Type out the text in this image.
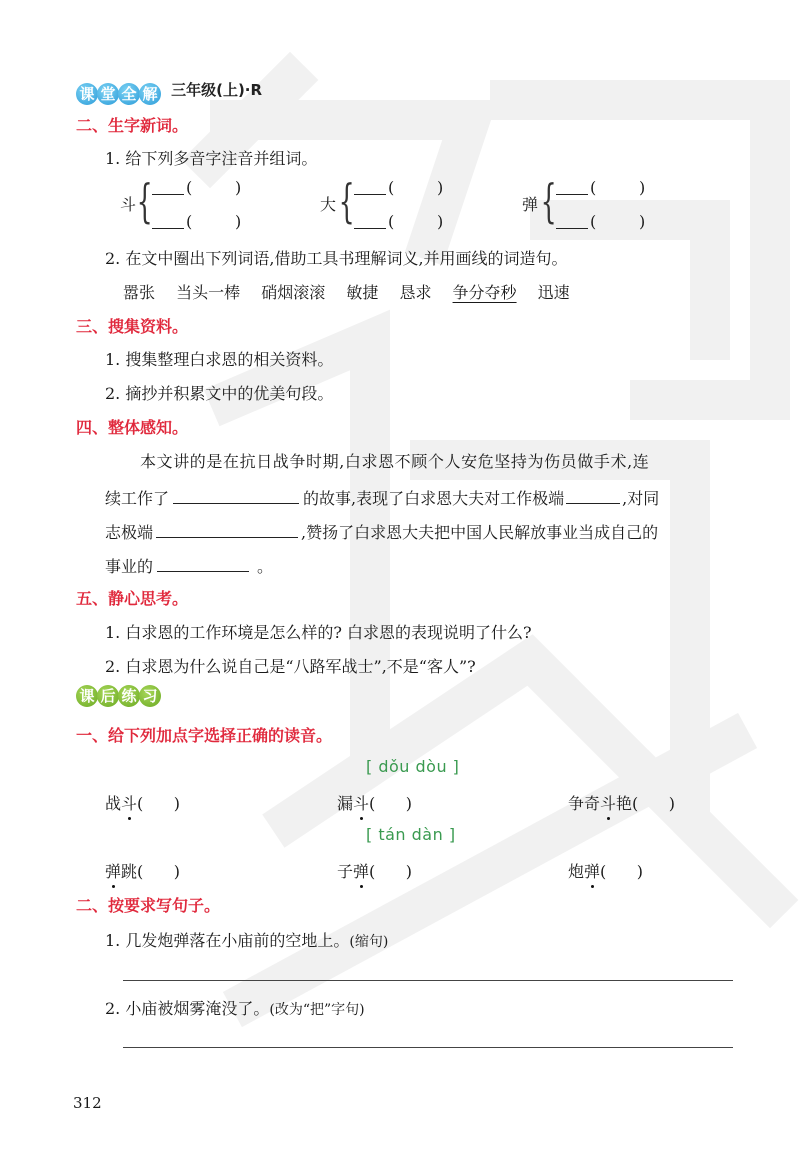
课 堂 全 解 三年级(上)·R
二、生字新词。
1. 给下列多音字注音并组词。
斗 { (	)
(	)
大 { (	)
(	)
弹 { (	)
(	)
2. 在文中圈出下列词语,借助工具书理解词义,并用画线的词造句。
嚣张 当头一棒 硝烟滚滚 敏捷 恳求 争分夺秒 迅速
三、搜集资料。
1. 搜集整理白求恩的相关资料。
2. 摘抄并积累文中的优美句段。
四、整体感知。
本文讲的是在抗日战争时期,白求恩不顾个人安危坚持为伤员做手术,连
续工作了	的故事,表现了白求恩大夫对工作极端	,对同
志极端	,赞扬了白求恩大夫把中国人民解放事业当成自己的
事业的	。
五、静心思考。
1. 白求恩的工作环境是怎么样的? 白求恩的表现说明了什么?
2. 白求恩为什么说自己是“八路军战士”,不是“客人”?
课 后 练 习
一、给下列加点字选择正确的读音。
[ dǒu dòu ]
战斗(      )	漏斗(      )	争奇斗艳(      )
[ tán dàn ]
弹跳(      )	子弹(      )	炮弹(      )
二、按要求写句子。
1. 几发炮弹落在小庙前的空地上。(缩句)
2. 小庙被烟雾淹没了。(改为“把”字句)
312
